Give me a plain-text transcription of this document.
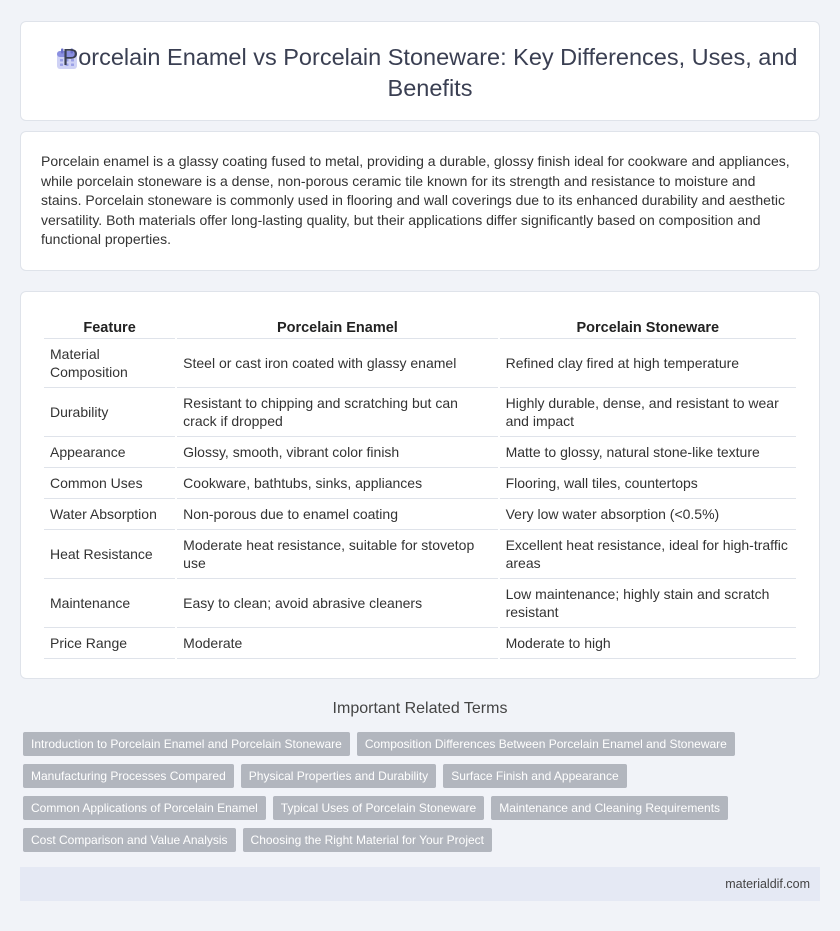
Porcelain Enamel vs Porcelain Stoneware: Key Differences, Uses, and Benefits

Porcelain enamel is a glassy coating fused to metal, providing a durable, glossy finish ideal for cookware and appliances, while porcelain stoneware is a dense, non-porous ceramic tile known for its strength and resistance to moisture and stains. Porcelain stoneware is commonly used in flooring and wall coverings due to its enhanced durability and aesthetic versatility. Both materials offer long-lasting quality, but their applications differ significantly based on composition and functional properties.

Feature	Porcelain Enamel	Porcelain Stoneware
Material Composition	Steel or cast iron coated with glassy enamel	Refined clay fired at high temperature
Durability	Resistant to chipping and scratching but can crack if dropped	Highly durable, dense, and resistant to wear and impact
Appearance	Glossy, smooth, vibrant color finish	Matte to glossy, natural stone-like texture
Common Uses	Cookware, bathtubs, sinks, appliances	Flooring, wall tiles, countertops
Water Absorption	Non-porous due to enamel coating	Very low water absorption (<0.5%)
Heat Resistance	Moderate heat resistance, suitable for stovetop use	Excellent heat resistance, ideal for high-traffic areas
Maintenance	Easy to clean; avoid abrasive cleaners	Low maintenance; highly stain and scratch resistant
Price Range	Moderate	Moderate to high
Important Related Terms
Introduction to Porcelain Enamel and Porcelain Stoneware	Composition Differences Between Porcelain Enamel and Stoneware
Manufacturing Processes Compared	Physical Properties and Durability	Surface Finish and Appearance
Common Applications of Porcelain Enamel	Typical Uses of Porcelain Stoneware	Maintenance and Cleaning Requirements
Cost Comparison and Value Analysis	Choosing the Right Material for Your Project
materialdif.com
